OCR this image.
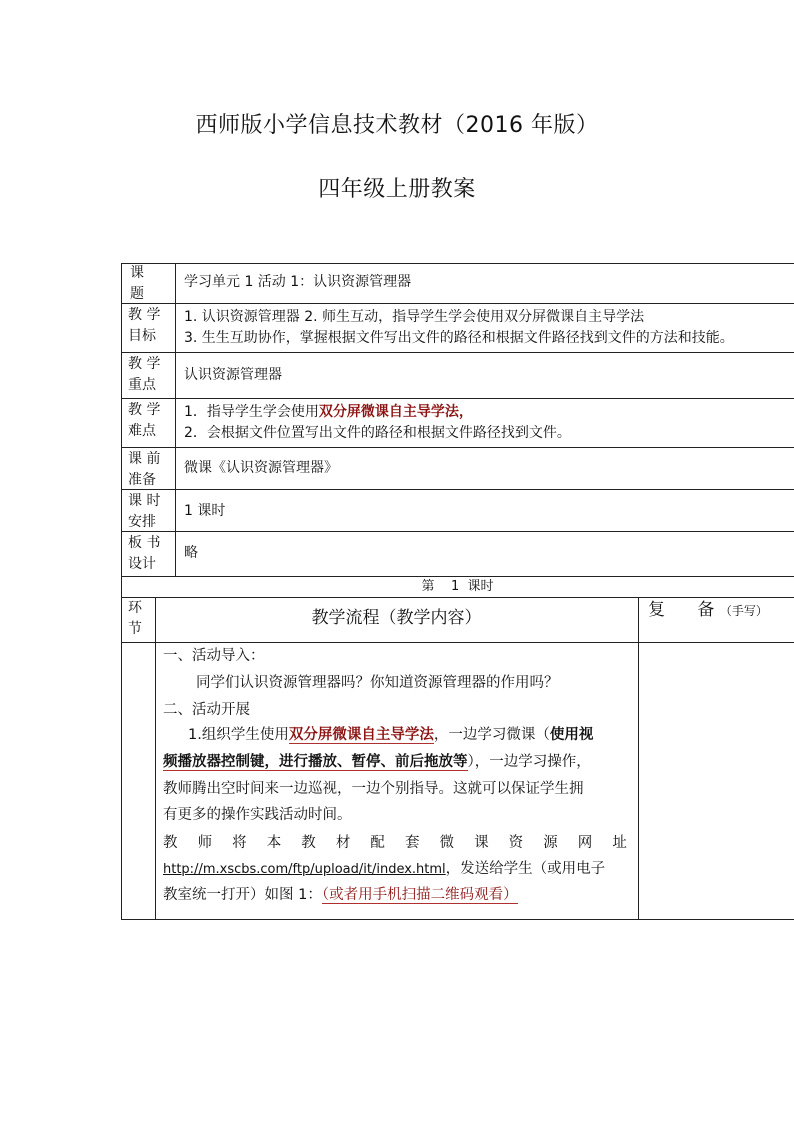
西师版小学信息技术教材（2016 年版）
四年级上册教案
课
题
学习单元 1 活动 1：认识资源管理器
教 学
目标
1. 认识资源管理器 2. 师生互动，指导学生学会使用双分屏微课自主导学法
3. 生生互助协作，掌握根据文件写出文件的路径和根据文件路径找到文件的方法和技能。
教 学
重点
认识资源管理器
教 学
难点
1．指导学生学会使用双分屏微课自主导学法，
2．会根据文件位置写出文件的路径和根据文件路径找到文件。
课 前
准备
微课《认识资源管理器》
课 时
安排
1 课时
板 书
设计
略
第    1  课时
环
节
教学流程（教学内容）	复      备 （手写）
一、活动导入：
同学们认识资源管理器吗？你知道资源管理器的作用吗？
二、活动开展
1.组织学生使用双分屏微课自主导学法，一边学习微课（使用视
频播放器控制键，进行播放、暂停、前后拖放等），一边学习操作，
教师腾出空时间来一边巡视，一边个别指导。这就可以保证学生拥
有更多的操作实践活动时间。
教 师 将 本 教 材 配 套 微 课 资 源 网 址
http://m.xscbs.com/ftp/upload/it/index.html，发送给学生（或用电子
教室统一打开）如图 1：（或者用手机扫描二维码观看）
